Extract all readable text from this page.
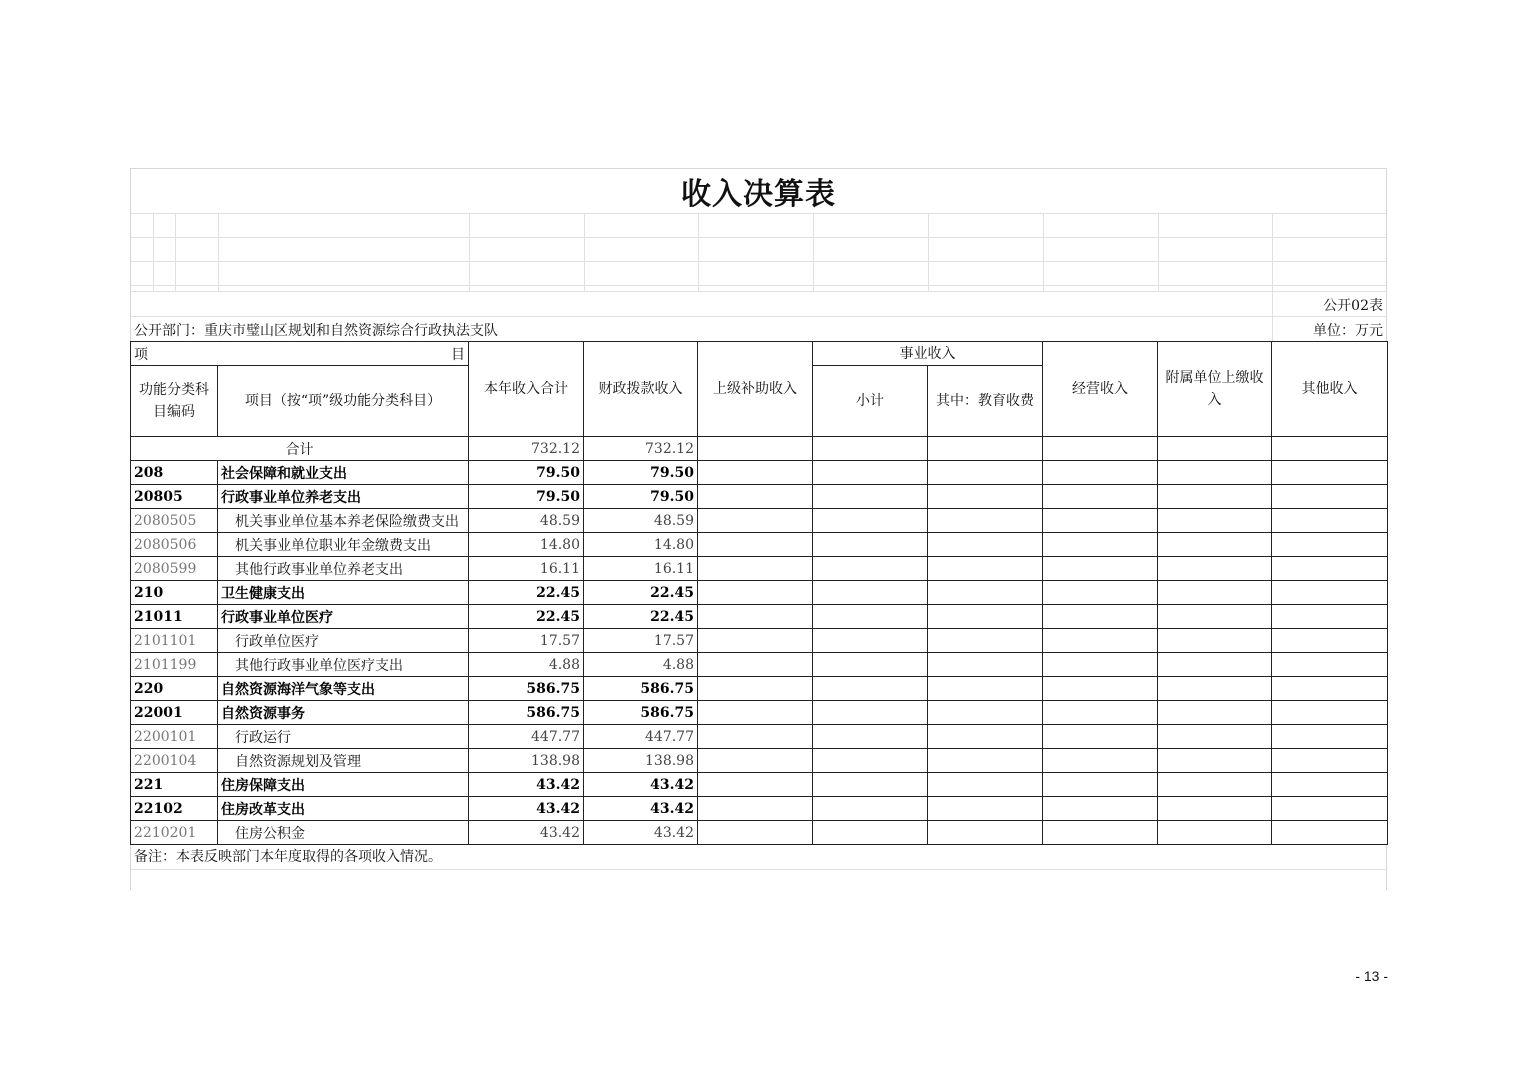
收入决算表
公开02表
公开部门：重庆市璧山区规划和自然资源综合行政执法支队	单位：万元
项 目		本年收入合计	财政拨款收入	上级补助收入	事业收入		经营收入	附属单位上缴收入	其他收入
功能分类科目编码	项目（按“项”级功能分类科目）				小计	其中：教育收费			
合计		732.12	732.12						
208	社会保障和就业支出	79.50	79.50						
20805	行政事业单位养老支出	79.50	79.50						
2080505	机关事业单位基本养老保险缴费支出	48.59	48.59						
2080506	机关事业单位职业年金缴费支出	14.80	14.80						
2080599	其他行政事业单位养老支出	16.11	16.11						
210	卫生健康支出	22.45	22.45						
21011	行政事业单位医疗	22.45	22.45						
2101101	行政单位医疗	17.57	17.57						
2101199	其他行政事业单位医疗支出	4.88	4.88						
220	自然资源海洋气象等支出	586.75	586.75						
22001	自然资源事务	586.75	586.75						
2200101	行政运行	447.77	447.77						
2200104	自然资源规划及管理	138.98	138.98						
221	住房保障支出	43.42	43.42						
22102	住房改革支出	43.42	43.42						
2210201	住房公积金	43.42	43.42						
备注：本表反映部门本年度取得的各项收入情况。
- 13 -
